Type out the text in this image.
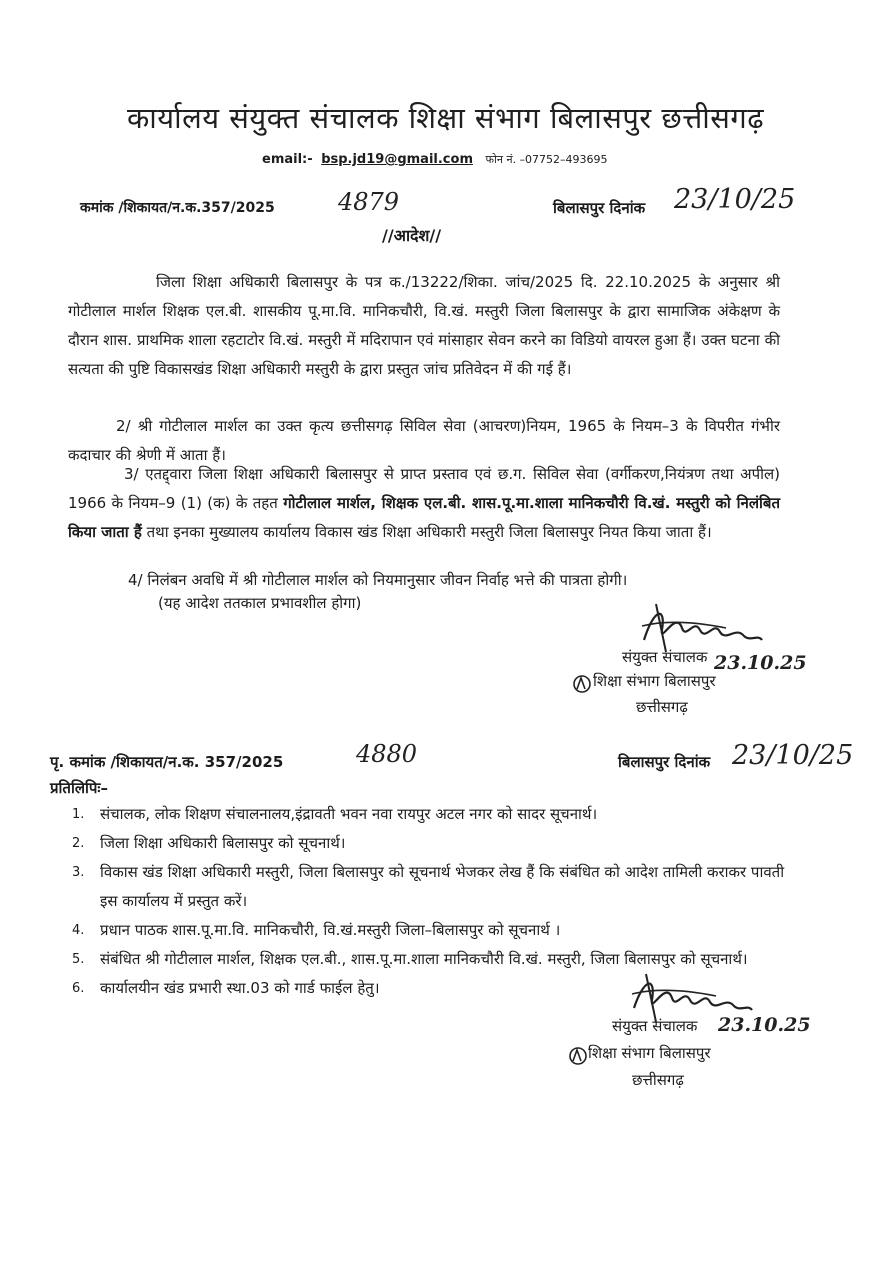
कार्यालय संयुक्त संचालक शिक्षा संभाग बिलासपुर छत्तीसगढ़
email:- bsp.jd19@gmail.com फोन नं. –07752–493695
कमांक /शिकायत/न.क.357/2025	4879	बिलासपुर दिनांक 23/10/25
//आदेश//

जिला शिक्षा अधिकारी बिलासपुर के पत्र क./13222/शिका. जांच/2025 दि. 22.10.2025 के अनुसार श्री गोटीलाल मार्शल शिक्षक एल.बी. शासकीय पू.मा.वि. मानिकचौरी, वि.खं. मस्तुरी जिला बिलासपुर के द्वारा सामाजिक अंकेक्षण के दौरान शास. प्राथमिक शाला रहटाटोर वि.खं. मस्तुरी में मदिरापान एवं मांसाहार सेवन करने का विडियो वायरल हुआ हैं। उक्त घटना की सत्यता की पुष्टि विकासखंड शिक्षा अधिकारी मस्तुरी के द्वारा प्रस्तुत जांच प्रतिवेदन में की गई हैं।

2/ श्री गोटीलाल मार्शल का उक्त कृत्य छत्तीसगढ़ सिविल सेवा (आचरण)नियम, 1965 के नियम–3 के विपरीत गंभीर कदाचार की श्रेणी में आता हैं।

3/ एतद्द्वारा जिला शिक्षा अधिकारी बिलासपुर से प्राप्त प्रस्ताव एवं छ.ग. सिविल सेवा (वर्गीकरण,नियंत्रण तथा अपील) 1966 के नियम–9 (1) (क) के तहत गोटीलाल मार्शल, शिक्षक एल.बी. शास.पू.मा.शाला मानिकचौरी वि.खं. मस्तुरी को निलंबित किया जाता हैं तथा इनका मुख्यालय कार्यालय विकास खंड शिक्षा अधिकारी मस्तुरी जिला बिलासपुर नियत किया जाता हैं।

4/ निलंबन अवधि में श्री गोटीलाल मार्शल को नियमानुसार जीवन निर्वाह भत्ते की पात्रता होगी।

(यह आदेश ततकाल प्रभावशील होगा)
संयुक्त संचालक 23.10.25
शिक्षा संभाग बिलासपुर
छत्तीसगढ़
पृ. कमांक /शिकायत/न.क. 357/2025	4880	बिलासपुर दिनांक 23/10/25
प्रतिलिपिः–
1. संचालक, लोक शिक्षण संचालनालय,इंद्रावती भवन नवा रायपुर अटल नगर को सादर सूचनार्थ।
2. जिला शिक्षा अधिकारी बिलासपुर को सूचनार्थ।
3. विकास खंड शिक्षा अधिकारी मस्तुरी, जिला बिलासपुर को सूचनार्थ भेजकर लेख हैं कि संबंधित को आदेश तामिली कराकर पावती इस कार्यालय में प्रस्तुत करें।
4. प्रधान पाठक शास.पू.मा.वि. मानिकचौरी, वि.खं.मस्तुरी जिला–बिलासपुर को सूचनार्थ ।
5. संबंधित श्री गोटीलाल मार्शल, शिक्षक एल.बी., शास.पू.मा.शाला मानिकचौरी वि.खं. मस्तुरी, जिला बिलासपुर को सूचनार्थ।
6. कार्यालयीन खंड प्रभारी स्था.03 को गार्ड फाईल हेतु।
संयुक्त संचालक 23.10.25
शिक्षा संभाग बिलासपुर
छत्तीसगढ़
